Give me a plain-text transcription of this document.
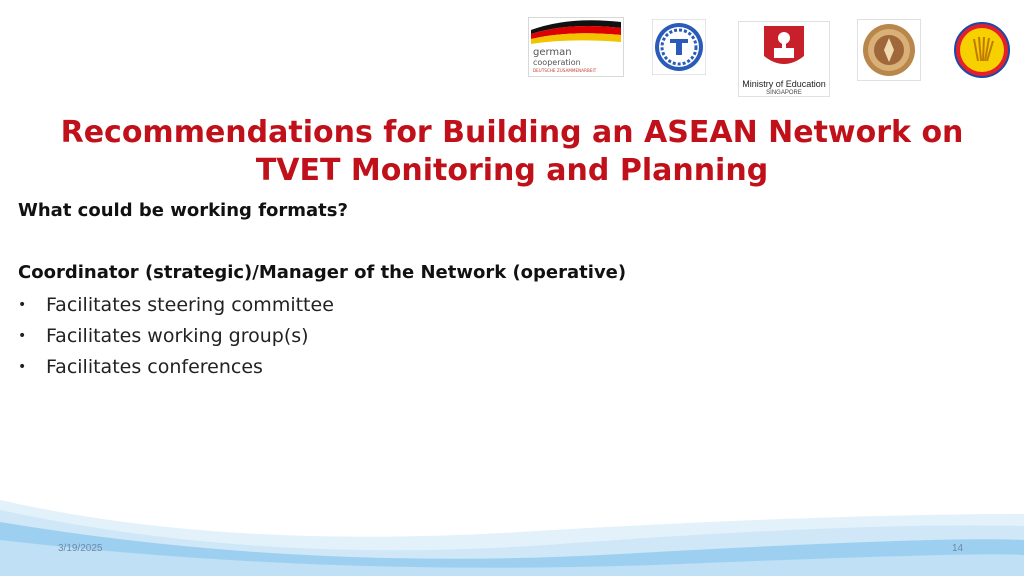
german
cooperation
DEUTSCHE ZUSAMMENARBEIT
Ministry of Education
SINGAPORE
Recommendations for Building an ASEAN Network on TVET Monitoring and Planning
What could be working formats?
Coordinator (strategic)/Manager of the Network (operative)
• Facilitates steering committee
• Facilitates working group(s)
• Facilitates conferences
3/19/2025	14
